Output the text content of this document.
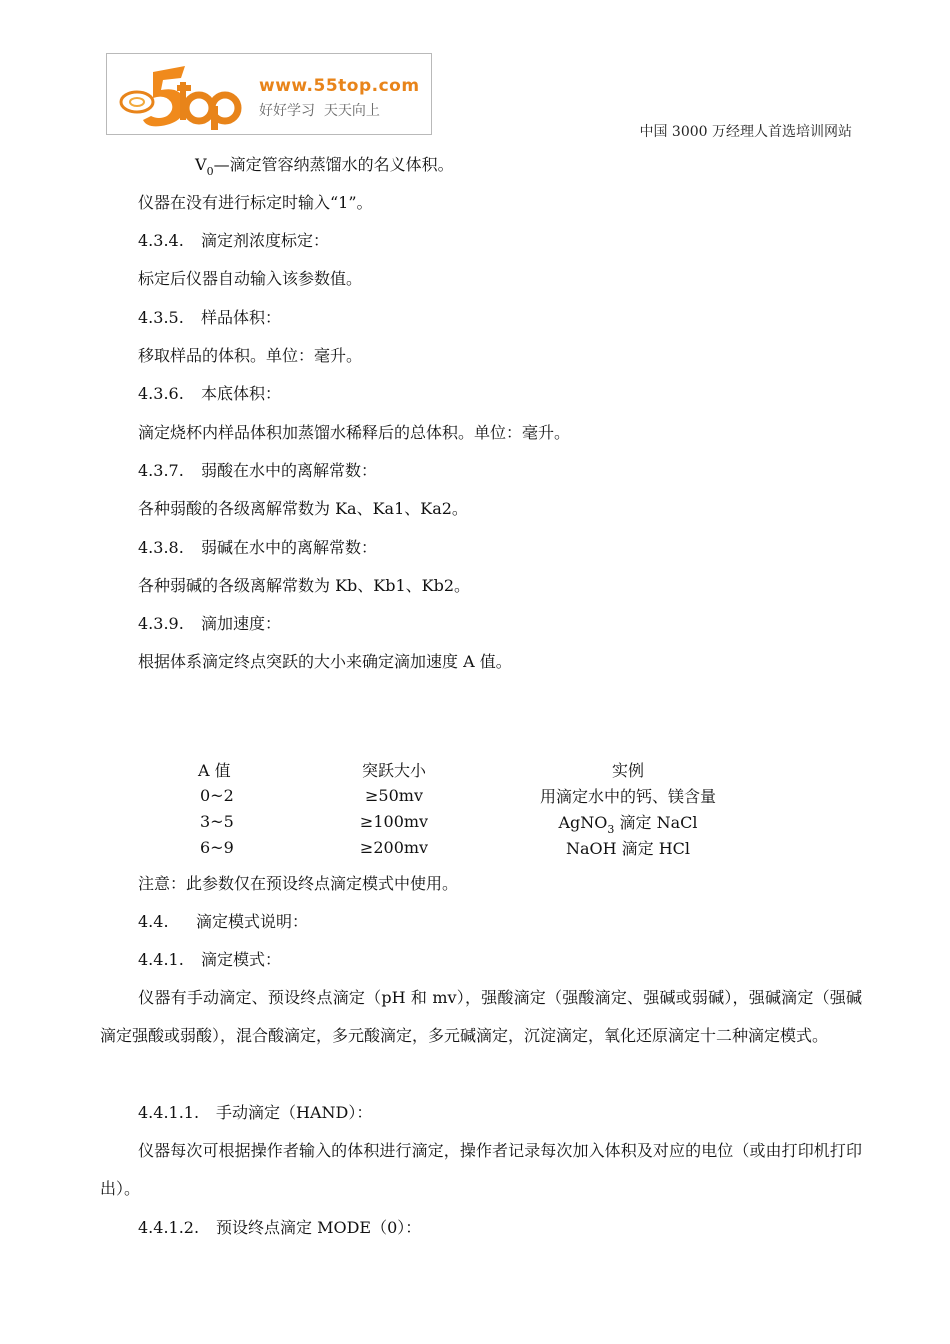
www.55top.com
好好学习  天天向上
中国 3000 万经理人首选培训网站
$V_0—$滴定管容纳蒸馏水的名义体积。
仪器在没有进行标定时输入“1”。
4.3.4. 滴定剂浓度标定：
标定后仪器自动输入该参数值。
4.3.5. 样品体积：
移取样品的体积。单位：毫升。
4.3.6. 本底体积：
滴定烧杯内样品体积加蒸馏水稀释后的总体积。单位：毫升。
4.3.7. 弱酸在水中的离解常数：
各种弱酸的各级离解常数为 Ka、Ka1、Ka2。
4.3.8. 弱碱在水中的离解常数：
各种弱碱的各级离解常数为 Kb、Kb1、Kb2。
4.3.9. 滴加速度：
根据体系滴定终点突跃的大小来确定滴加速度 A 值。
A 值	突跃大小	实例
0~2	≥50mv	用滴定水中的钙、镁含量
3~5	≥100mv	AgNO$_3$ 滴定 NaCl
6~9	≥200mv	NaOH 滴定 HCl
注意：此参数仅在预设终点滴定模式中使用。
4.4. 滴定模式说明：
4.4.1. 滴定模式：
仪器有手动滴定、预设终点滴定（pH 和 mv），强酸滴定（强酸滴定、强碱或弱碱），强碱滴定（强碱滴定强酸或弱酸），混合酸滴定，多元酸滴定，多元碱滴定，沉淀滴定，氧化还原滴定十二种滴定模式。
4.4.1.1. 手动滴定（HAND）：
仪器每次可根据操作者输入的体积进行滴定，操作者记录每次加入体积及对应的电位（或由打印机打印出）。
4.4.1.2. 预设终点滴定 MODE（0）：
